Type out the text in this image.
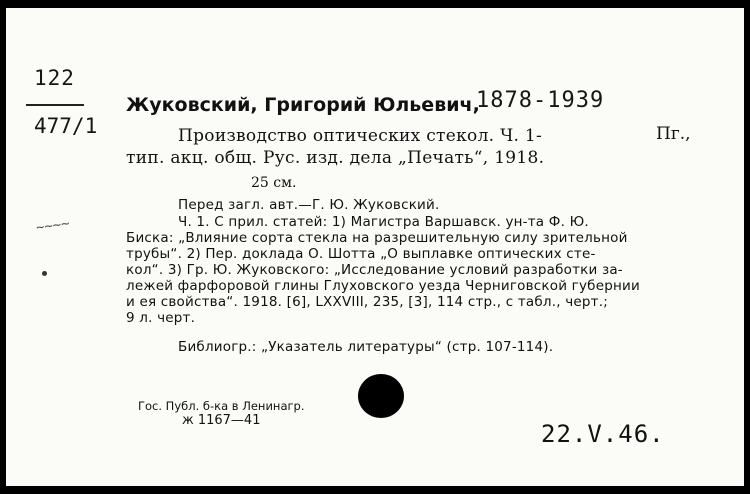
122
477/1
~~~~
Жуковский, Григорий Юльевич,
1878-1939
Производство оптических стекол. Ч. 1-	Пг.,
тип. акц. общ. Рус. изд. дела „Печать“, 1918.
25 см.
Перед загл. авт.—Г. Ю. Жуковский.
Ч. 1. С прил. статей: 1) Магистра Варшавск. ун-та Ф. Ю.
Биска: „Влияние сорта стекла на разрешительную силу зрительной
трубы“. 2) Пер. доклада О. Шотта „О выплавке оптических сте-
кол“. 3) Гр. Ю. Жуковского: „Исследование условий разработки за-
лежей фарфоровой глины Глуховского уезда Черниговской губернии
и ея свойства“. 1918. [6], LXXVIII, 235, [3], 114 стр., с табл., черт.;
9 л. черт.
Библиогр.: „Указатель литературы“ (стр. 107-114).
Гос. Публ. б-ка в Ленинагр.
ж 1167—41	22.V.46.
